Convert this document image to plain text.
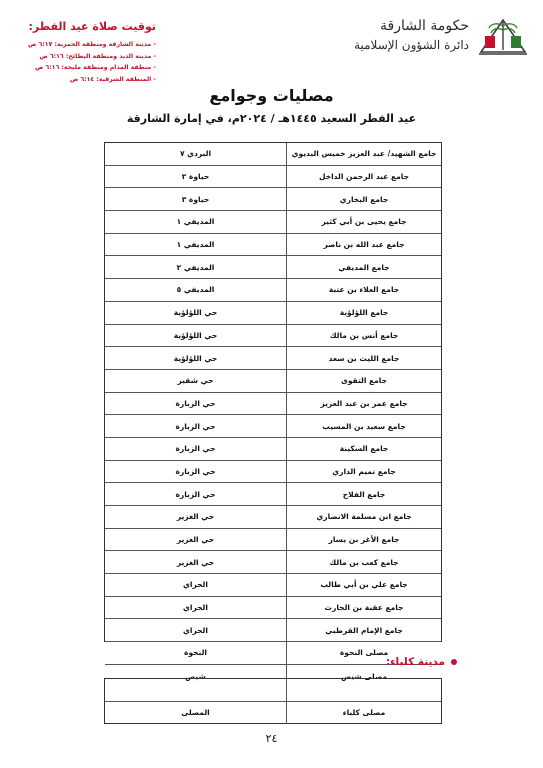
توقيت صلاة عيد الفطر:
- مدينة الشارقة ومنطقة الحمرية: ٦:١٧ ص
- مدينة الذيد ومنطقة البطائح: ٦:١٦ ص
- منطقة المدام ومنطقة مليحة: ٦:١٦ ص
- المنطقة الشرقية: ٦:١٤ ص
حكومة الشارقة
دائرة الشؤون الإسلامية
مصليات وجوامع
عيد الفطر السعيد ١٤٤٥هـ / ٢٠٢٤م، في إمارة الشارقة
جامع الشهيد/ عبد العزيز خميس البديوي
البردي ٧
جامع عبد الرحمن الداخل
حياوة ٢
جامع البخاري
حياوة ٣
جامع يحيى بن أبي كثير
المديفي ١
جامع عبد الله بن ناصر
المديفي ١
جامع المديفي
المديفي ٢
جامع العلاء بن عتبة
المديفي ٥
جامع اللؤلؤية
حي اللؤلؤية
جامع أنس بن مالك
حي اللؤلؤية
جامع الليث بن سعد
حي اللؤلؤية
جامع التقوى
حي شقير
جامع عمر بن عبد العزيز
حي الزبارة
جامع سعيد بن المسيب
حي الزبارة
جامع السكينة
حي الزبارة
جامع تميم الداري
حي الزبارة
جامع الفلاح
حي الزبارة
جامع ابن مسلمة الانصاري
حي الغزير
جامع الأغر بن يسار
حي الغزير
جامع كعب بن مالك
حي الغزير
جامع علي بن أبي طالب
الحراي
جامع عقبة بن الحارث
الحراي
جامع الإمام القرطبي
الحراي
مصلى النحوة
النحوة
مصلى شيص
شيص
مدينة كلباء:
مصلى كلباء
المصلى
٢٤
